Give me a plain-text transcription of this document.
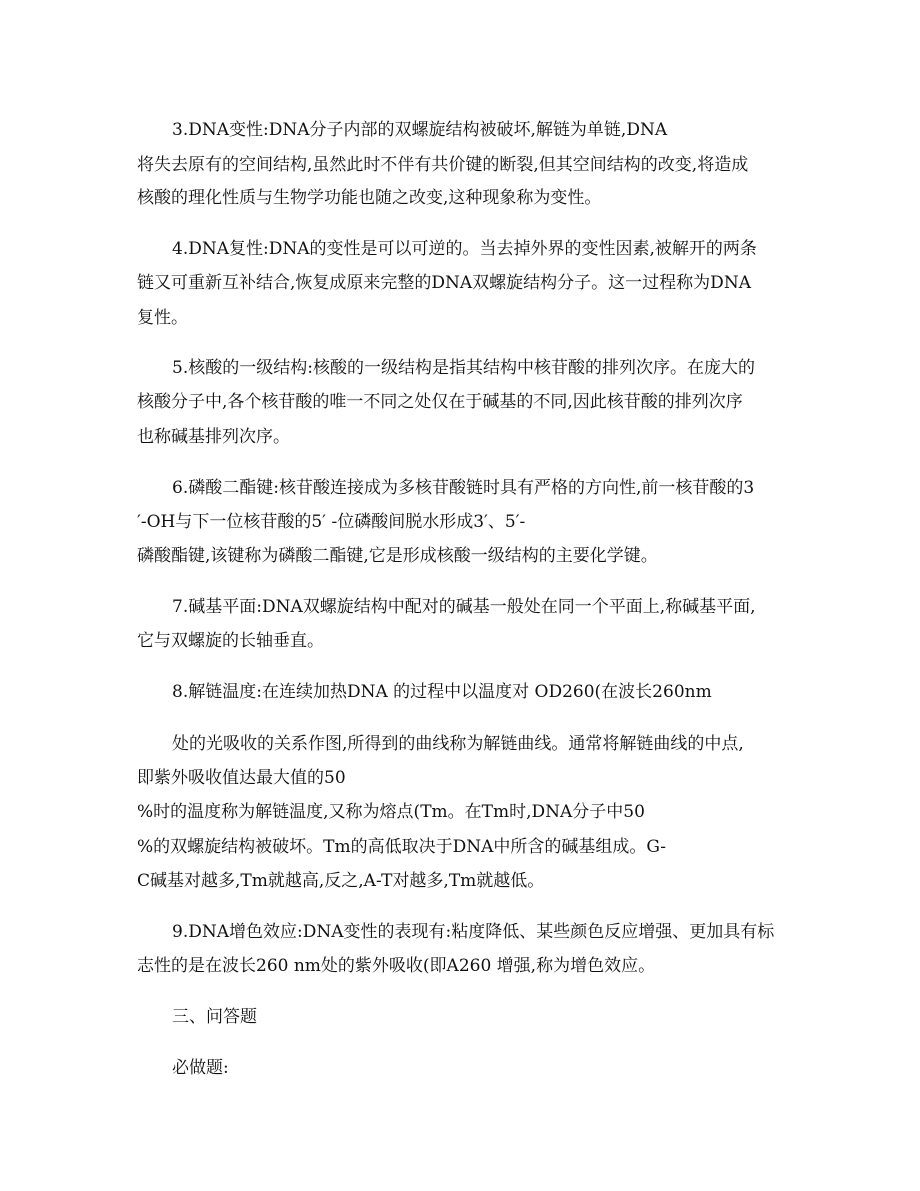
3.DNA变性:DNA分子内部的双螺旋结构被破坏,解链为单链,DNA
将失去原有的空间结构,虽然此时不伴有共价键的断裂,但其空间结构的改变,将造成
核酸的理化性质与生物学功能也随之改变,这种现象称为变性。
4.DNA复性:DNA的变性是可以可逆的。当去掉外界的变性因素,被解开的两条
链又可重新互补结合,恢复成原来完整的DNA双螺旋结构分子。这一过程称为DNA
复性。
5.核酸的一级结构:核酸的一级结构是指其结构中核苷酸的排列次序。在庞大的
核酸分子中,各个核苷酸的唯一不同之处仅在于碱基的不同,因此核苷酸的排列次序
也称碱基排列次序。
6.磷酸二酯键:核苷酸连接成为多核苷酸链时具有严格的方向性,前一核苷酸的3
′-OH与下一位核苷酸的5′ -位磷酸间脱水形成3′、5′-
磷酸酯键,该键称为磷酸二酯键,它是形成核酸一级结构的主要化学键。
7.碱基平面:DNA双螺旋结构中配对的碱基一般处在同一个平面上,称碱基平面,
它与双螺旋的长轴垂直。
8.解链温度:在连续加热DNA 的过程中以温度对 OD260(在波长260nm
处的光吸收的关系作图,所得到的曲线称为解链曲线。通常将解链曲线的中点,
即紫外吸收值达最大值的50
%时的温度称为解链温度,又称为熔点(Tm。在Tm时,DNA分子中50
%的双螺旋结构被破坏。Tm的高低取决于DNA中所含的碱基组成。G-
C碱基对越多,Tm就越高,反之,A-T对越多,Tm就越低。
9.DNA增色效应:DNA变性的表现有:粘度降低、某些颜色反应增强、更加具有标
志性的是在波长260 nm处的紫外吸收(即A260 增强,称为增色效应。
三、问答题
必做题:
